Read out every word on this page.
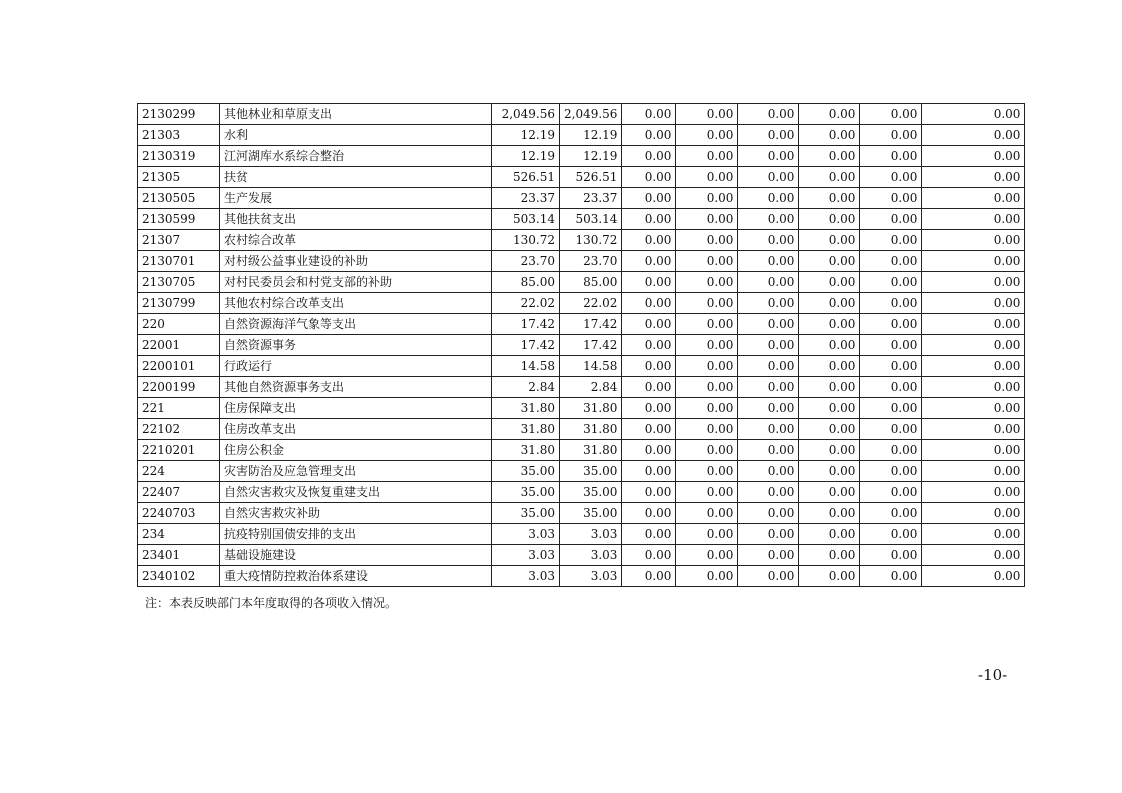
2130299	其他林业和草原支出	2,049.56	2,049.56	0.00	0.00	0.00	0.00	0.00	0.00
21303	水利	12.19	12.19	0.00	0.00	0.00	0.00	0.00	0.00
2130319	江河湖库水系综合整治	12.19	12.19	0.00	0.00	0.00	0.00	0.00	0.00
21305	扶贫	526.51	526.51	0.00	0.00	0.00	0.00	0.00	0.00
2130505	生产发展	23.37	23.37	0.00	0.00	0.00	0.00	0.00	0.00
2130599	其他扶贫支出	503.14	503.14	0.00	0.00	0.00	0.00	0.00	0.00
21307	农村综合改革	130.72	130.72	0.00	0.00	0.00	0.00	0.00	0.00
2130701	对村级公益事业建设的补助	23.70	23.70	0.00	0.00	0.00	0.00	0.00	0.00
2130705	对村民委员会和村党支部的补助	85.00	85.00	0.00	0.00	0.00	0.00	0.00	0.00
2130799	其他农村综合改革支出	22.02	22.02	0.00	0.00	0.00	0.00	0.00	0.00
220	自然资源海洋气象等支出	17.42	17.42	0.00	0.00	0.00	0.00	0.00	0.00
22001	自然资源事务	17.42	17.42	0.00	0.00	0.00	0.00	0.00	0.00
2200101	行政运行	14.58	14.58	0.00	0.00	0.00	0.00	0.00	0.00
2200199	其他自然资源事务支出	2.84	2.84	0.00	0.00	0.00	0.00	0.00	0.00
221	住房保障支出	31.80	31.80	0.00	0.00	0.00	0.00	0.00	0.00
22102	住房改革支出	31.80	31.80	0.00	0.00	0.00	0.00	0.00	0.00
2210201	住房公积金	31.80	31.80	0.00	0.00	0.00	0.00	0.00	0.00
224	灾害防治及应急管理支出	35.00	35.00	0.00	0.00	0.00	0.00	0.00	0.00
22407	自然灾害救灾及恢复重建支出	35.00	35.00	0.00	0.00	0.00	0.00	0.00	0.00
2240703	自然灾害救灾补助	35.00	35.00	0.00	0.00	0.00	0.00	0.00	0.00
234	抗疫特别国债安排的支出	3.03	3.03	0.00	0.00	0.00	0.00	0.00	0.00
23401	基础设施建设	3.03	3.03	0.00	0.00	0.00	0.00	0.00	0.00
2340102	重大疫情防控救治体系建设	3.03	3.03	0.00	0.00	0.00	0.00	0.00	0.00
注：本表反映部门本年度取得的各项收入情况。
-10-
